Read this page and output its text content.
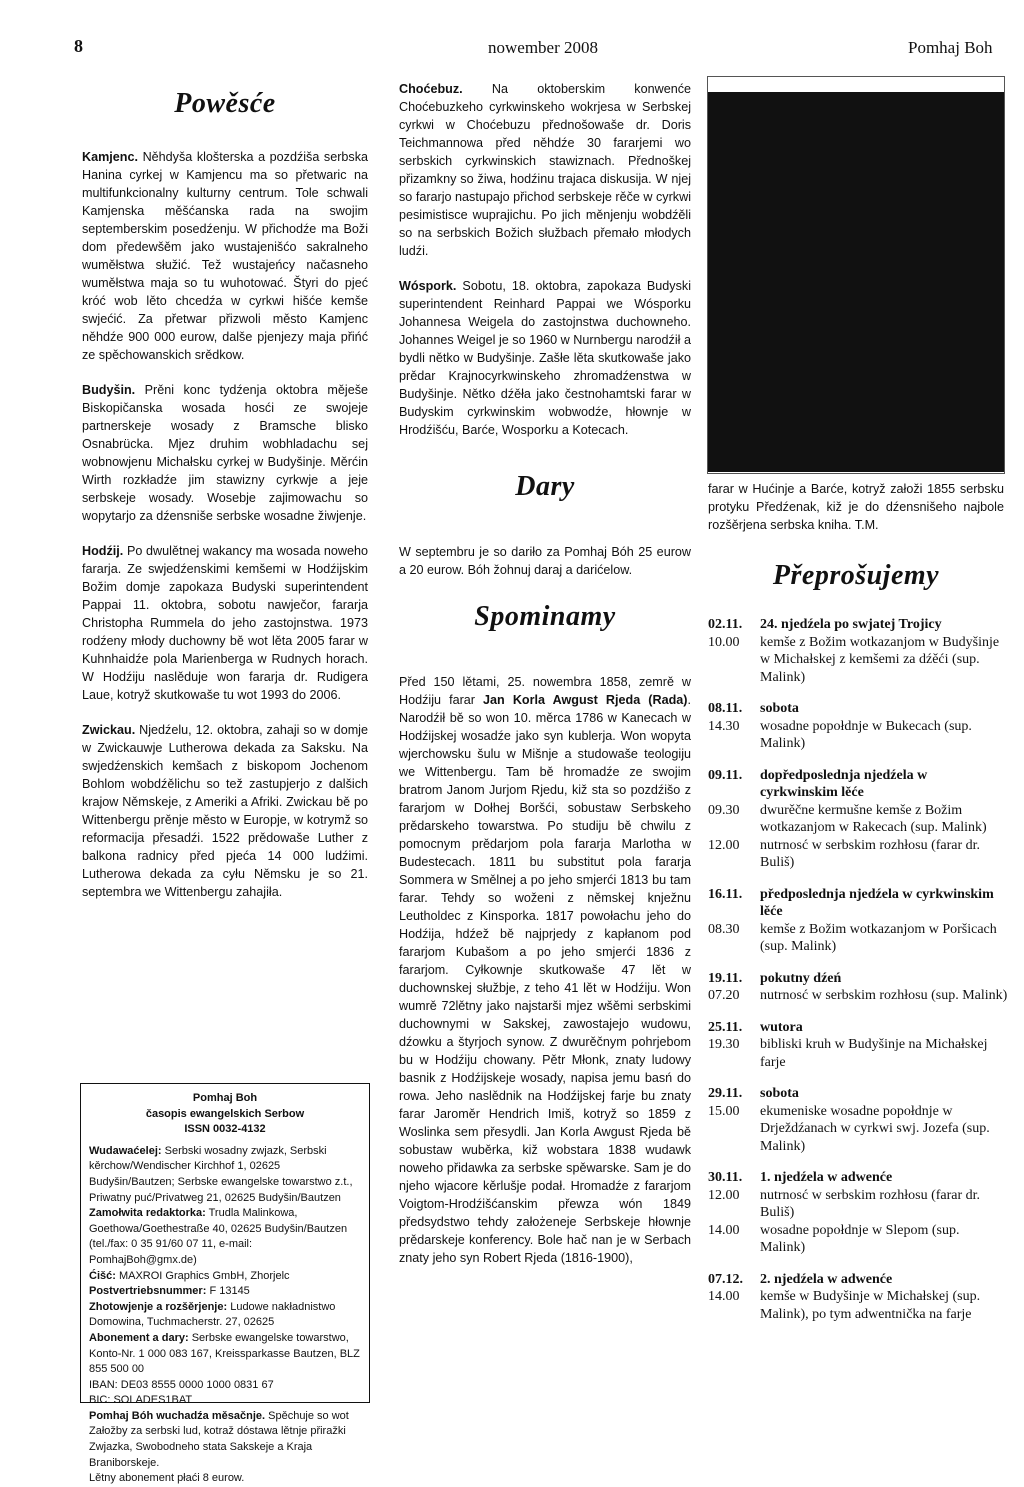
8	nowember 2008	Pomhaj Boh
Powěsće

Kamjenc. Něhdyša klošterska a pozdźiša serbska Hanina cyrkej w Kamjencu ma so přetwaric na multifunkcionalny kulturny centrum. Tole schwali Kamjenska měšćanska rada na swojim septemberskim posedźenju. W přichodźe ma Boži dom předewšěm jako wustajenišćo sakralneho wuměłstwa słužić. Tež wustajeńcy načasneho wuměłstwa maja so tu wuhotować. Štyri do pjeć króć wob lěto chcedźa w cyrkwi hišće kemše swjećić. Za přetwar přizwoli město Kamjenc něhdźe 900 000 eurow, dalše pjenjezy maja přińć ze spěchowanskich srědkow.

Budyšin. Prěni konc tydźenja oktobra měješe Biskopičanska wosada hosći ze swojeje partnerskeje wosady z Bramsche blisko Osnabrücka. Mjez druhim wobhladachu sej wobnowjenu Michałsku cyrkej w Budyšinje. Měrćin Wirth rozkładźe jim stawizny cyrkwje a jeje serbskeje wosady. Wosebje zajimowachu so wopytarjo za dźensniše serbske wosadne žiwjenje.

Hodźij. Po dwulětnej wakancy ma wosada noweho fararja. Ze swjedźenskimi kemšemi w Hodźijskim Božim domje zapokaza Budyski superintendent Pappai 11. oktobra, sobotu nawječor, fararja Christopha Rummela do jeho zastojnstwa. 1973 rodźeny młody duchowny bě wot lěta 2005 farar w Kuhnhaidźe pola Marienberga w Rudnych horach. W Hodźiju naslěduje won fararja dr. Rudigera Laue, kotryž skutkowaše tu wot 1993 do 2006.

Zwickau. Njedźelu, 12. oktobra, zahaji so w domje w Zwickauwje Lutherowa dekada za Saksku. Na swjedźenskich kemšach z biskopom Jochenom Bohlom wobdźělichu so tež zastupjerjo z dalšich krajow Němskeje, z Ameriki a Afriki. Zwickau bě po Wittenbergu prěnje město w Europje, w kotrymž so reformacija přesadźi. 1522 prědowaše Luther z balkona radnicy před pjeća 14 000 ludźimi. Lutherowa dekada za cyłu Němsku je so 21. septembra we Wittenbergu zahajiła.

Pomhaj Boh
časopis ewangelskich Serbow
ISSN 0032-4132

Wudawaćelej: Serbski wosadny zwjazk, Serbski kěrchow/Wendischer Kirchhof 1, 02625 Budyšin/Bautzen; Serbske ewangelske towarstwo z.t., Priwatny puć/Privatweg 21, 02625 Budyšin/Bautzen

Zamołwita redaktorka: Trudla Malinkowa, Goethowa/Goethestraße 40, 02625 Budyšin/Bautzen (tel./fax: 0 35 91/60 07 11, e-mail: PomhajBoh@gmx.de)
Ćišć: MAXROI Graphics GmbH, Zhorjelc
Postvertriebsnummer: F 13145
Zhotowjenje a rozšěrjenje: Ludowe nakładnistwo Domowina, Tuchmacherstr. 27, 02625
Abonement a dary: Serbske ewangelske towarstwo, Konto-Nr. 1 000 083 167, Kreissparkasse Bautzen, BLZ 855 500 00
IBAN: DE03 8555 0000 1000 0831 67
BIC: SOLADES1BAT
Pomhaj Bóh wuchadźa měsačnje. Spěchuje so wot Załožby za serbski lud, kotraž dóstawa lětnje přiražki Zwjazka, Swobodneho stata Sakskeje a Kraja Braniborskeje.
Lětny abonement płaći 8 eurow.

Choćebuz. Na oktoberskim konwenće Choćebuzkeho cyrkwinskeho wokrjesa w Serbskej cyrkwi w Choćebuzu přednošowaše dr. Doris Teichmannowa před něhdźe 30 fararjemi wo serbskich cyrkwinskich stawiznach. Přednoškej přizamkny so žiwa, hodźinu trajaca diskusija. W njej so fararjo nastupajo přichod serbskeje rěče w cyrkwi pesimistisce wuprajichu. Po jich měnjenju wobdźěli so na serbskich Božich słužbach přemało młodych ludźi.

Wóspork. Sobotu, 18. oktobra, zapokaza Budyski superintendent Reinhard Pappai we Wósporku Johannesa Weigela do zastojnstwa duchowneho. Johannes Weigel je so 1960 w Nurnbergu narodźił a bydli nětko w Budyšinje. Zašłe lěta skutkowaše jako prědar Krajnocyrkwinskeho zhromadźenstwa w Budyšinje. Nětko dźěła jako čestnohamtski farar w Budyskim cyrkwinskim wobwodźe, hłownje w Hrodźišću, Barće, Wosporku a Kotecach.

Dary

W septembru je so dariło za Pomhaj Bóh 25 eurow a 20 eurow. Bóh žohnuj daraj a darićelow.

Spominamy

Před 150 lětami, 25. nowembra 1858, zemrě w Hodźiju farar Jan Korla Awgust Rjeda (Rada). Narodźił bě so won 10. měrca 1786 w Kanecach w Hodźijskej wosadźe jako syn kublerja. Won wopyta wjerchowsku šulu w Mišnje a studowaše teologiju we Wittenbergu. Tam bě hromadźe ze swojim bratrom Janom Jurjom Rjedu, kiž sta so pozdźišo z fararjom w Dołhej Boršći, sobustaw Serbskeho prědarskeho towarstwa. Po studiju bě chwilu z pomocnym prědarjom pola fararja Marlotha w Budestecach. 1811 bu substitut pola fararja Sommera w Smělnej a po jeho smjerći 1813 bu tam farar. Tehdy so woženi z němskej knježnu Leutholdec z Kinsporka. 1817 powołachu jeho do Hodźija, hdźež bě najprjedy z kapłanom pod fararjom Kubašom a po jeho smjerći 1836 z fararjom. Cyłkownje skutkowaše 47 lět w duchownskej słužbje, z teho 41 lět w Hodźiju. Won wumrě 72lětny jako najstarši mjez wšěmi serbskimi duchownymi w Sakskej, zawostajejo wudowu, dźowku a štyrjoch synow. Z dwurěčnym pohrjebom bu w Hodźiju chowany. Pětr Młonk, znaty ludowy basnik z Hodźijskeje wosady, napisa jemu basń do rowa. Jeho naslědnik na Hodźijskej farje bu znaty farar Jaroměr Hendrich Imiš, kotryž so 1859 z Woslinka sem přesydli. Jan Korla Awgust Rjeda bě sobustaw wuběrka, kiž wobstara 1838 wudawk noweho přidawka za serbske spěwarske. Sam je do njeho wjacore kěrlušje podał. Hromadźe z fararjom Voigtom-Hrodźišćanskim přewza wón 1849 předsydstwo tehdy założeneje Serbskeje hłownje prědarskeje konferency. Bole hač nan je w Serbach znaty jeho syn Robert Rjeda (1816-1900),

farar w Hućinje a Barće, kotryž załoži 1855 serbsku protyku Předźenak, kiž je do dźensnišeho najbole rozšěrjena serbska kniha. T.M.
Přeprošujemy
02.11.	24. njedźela po swjatej Trojicy
10.00	kemše z Božim wotkazanjom w Budyšinje w Michałskej z kemšemi za dźěći (sup. Malink)
08.11.	sobota
14.30	wosadne popołdnje w Bukecach (sup. Malink)
09.11.	dopředposlednja njedźela w cyrkwinskim lěće
09.30	dwurěčne kermušne kemše z Božim wotkazanjom w Rakecach (sup. Malink)
12.00	nutrnosć w serbskim rozhłosu (farar dr. Buliš)
16.11.	předposlednja njedźela w cyrkwinskim lěće
08.30	kemše z Božim wotkazanjom w Poršicach (sup. Malink)
19.11.	pokutny dźeń
07.20	nutrnosć w serbskim rozhłosu (sup. Malink)
25.11.	wutora
19.30	bibliski kruh w Budyšinje na Michałskej farje
29.11.	sobota
15.00	ekumeniske wosadne popołdnje w Drježdźanach w cyrkwi swj. Jozefa (sup. Malink)
30.11.	1. njedźela w adwenće
12.00	nutrnosć w serbskim rozhłosu (farar dr. Buliš)
14.00	wosadne popołdnje w Slepom (sup. Malink)
07.12.	2. njedźela w adwenće
14.00	kemše w Budyšinje w Michałskej (sup. Malink), po tym adwentnička na farje
